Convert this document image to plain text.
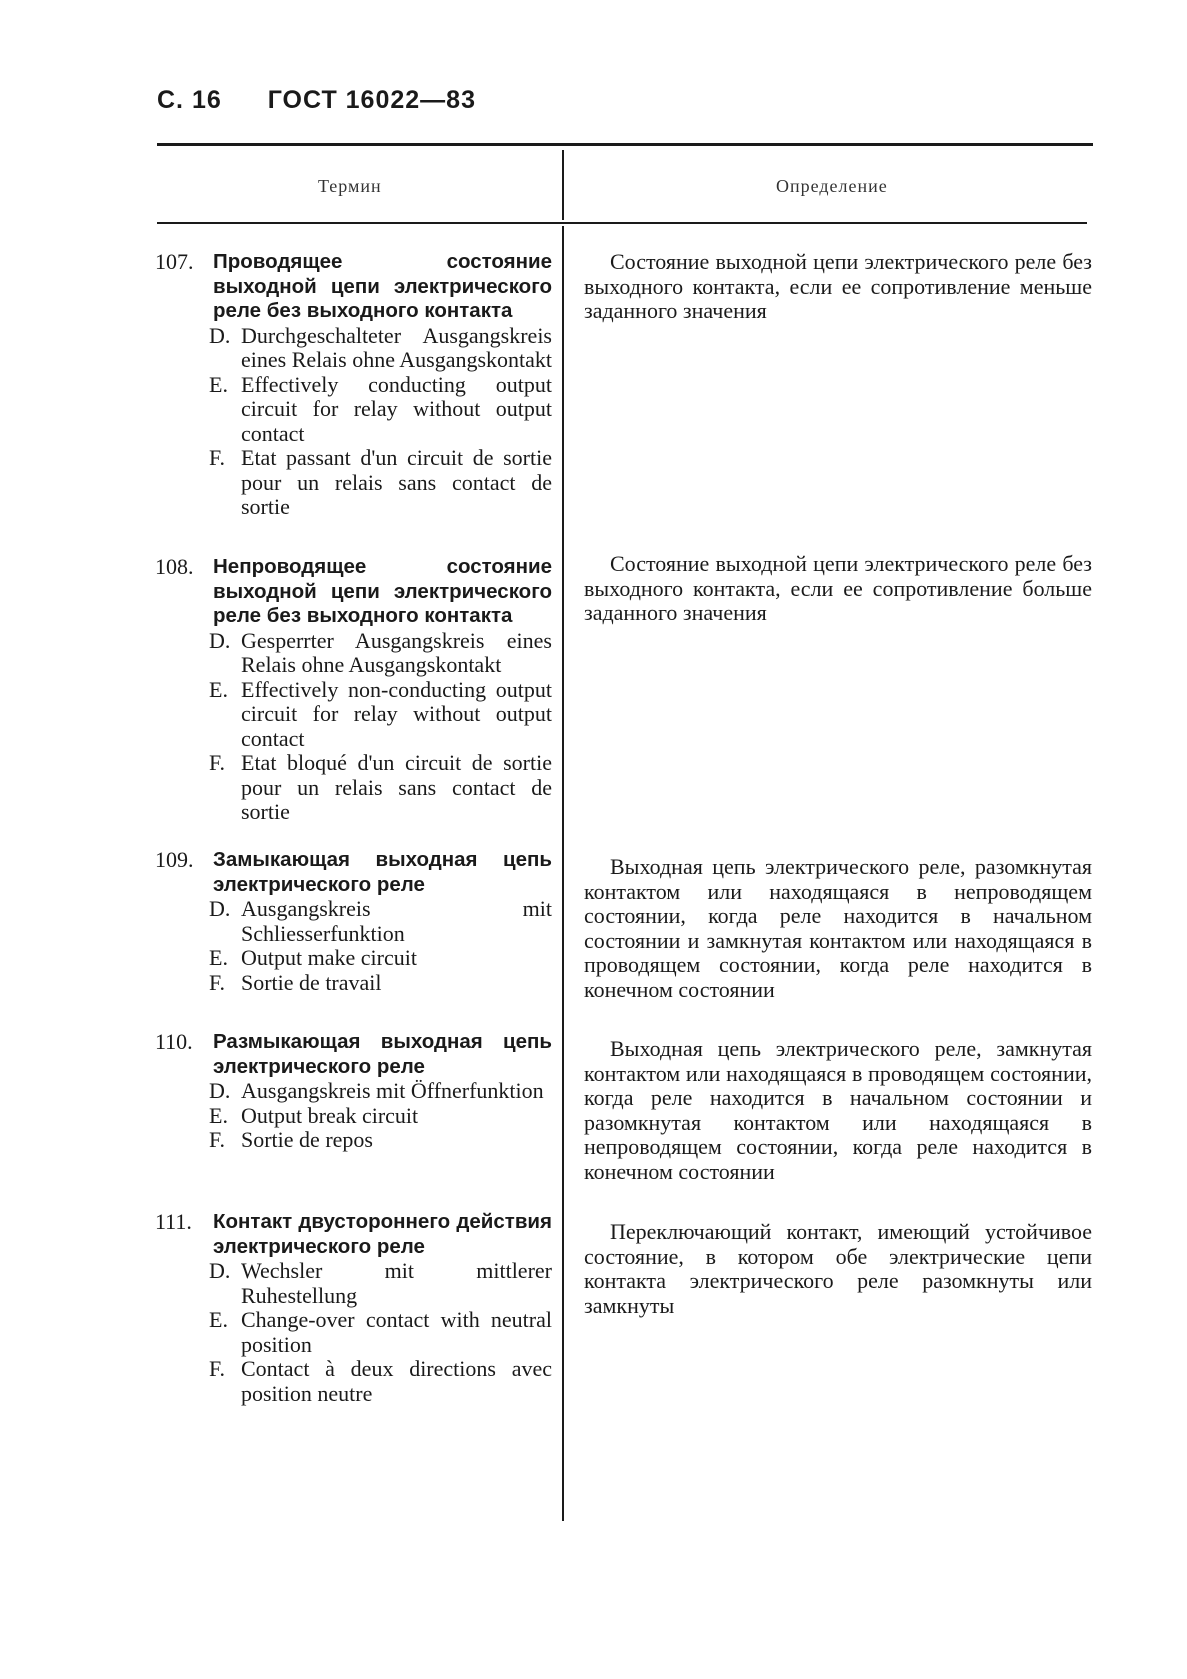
С. 16 ГОСТ 16022—83
Термин	Определение
107. Проводящее состояние выходной цепи электрического реле без выходного контакта
D. Durchgeschalteter Ausgangskreis eines Relais ohne Ausgangskontakt
E. Effectively conducting output circuit for relay without output contact
F. Etat passant d'un circuit de sortie pour un relais sans contact de sortie
Состояние выходной цепи электрического реле без выходного контакта, если ее сопротивление меньше заданного значения
108. Непроводящее состояние выходной цепи электрического реле без выходного контакта
D. Gesperrter Ausgangskreis eines Relais ohne Ausgangskontakt
E. Effectively non-conducting output circuit for relay without output contact
F. Etat bloqué d'un circuit de sortie pour un relais sans contact de sortie
Состояние выходной цепи электрического реле без выходного контакта, если ее сопротивление больше заданного значения
109. Замыкающая выходная цепь электрического реле
D. Ausgangskreis mit Schliesserfunktion
E. Output make circuit
F. Sortie de travail
Выходная цепь электрического реле, разомкнутая контактом или находящаяся в непроводящем состоянии, когда реле находится в начальном состоянии и замкнутая контактом или находящаяся в проводящем состоянии, когда реле находится в конечном состоянии
110. Размыкающая выходная цепь электрического реле
D. Ausgangskreis mit Öffnerfunktion
E. Output break circuit
F. Sortie de repos
Выходная цепь электрического реле, замкнутая контактом или находящаяся в проводящем состоянии, когда реле находится в начальном состоянии и разомкнутая контактом или находящаяся в непроводящем состоянии, когда реле находится в конечном состоянии
111. Контакт двустороннего действия электрического реле
D. Wechsler mit mittlerer Ruhestellung
E. Change-over contact with neutral position
F. Contact à deux directions avec position neutre
Переключающий контакт, имеющий устойчивое состояние, в котором обе электрические цепи контакта электрического реле разомкнуты или замкнуты
